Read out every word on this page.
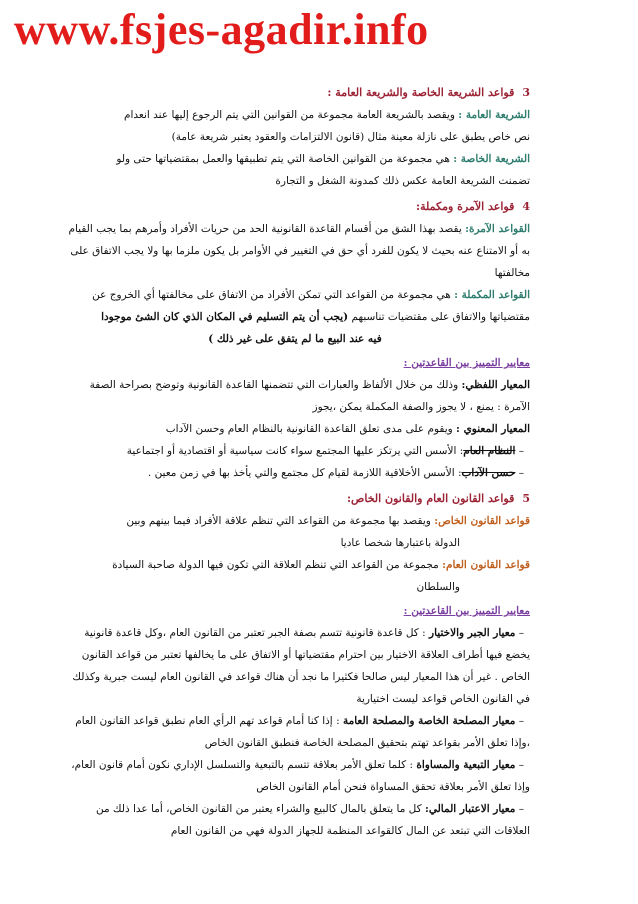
www.fsjes-agadir.info

3قواعد الشريعة الخاصة والشريعة العامة :

الشريعة العامة : ويقصد بالشريعة العامة مجموعة من القوانين التي يتم الرجوع إليها عند انعدام

نص خاص يطبق على نازلة معينة مثال (قانون الالتزامات والعقود يعتبر شريعة عامة)

الشريعة الخاصة : هي مجموعة من القوانين الخاصة التي يتم تطبيقها والعمل بمقتضياتها حتى ولو

تضمنت الشريعة العامة عكس ذلك كمدونة الشغل و التجارة

4قواعد الآمرة ومكملة:

القواعد الآمرة: يقصد بهذا الشق من أقسام القاعدة القانونية الحد من حريات الأفراد وأمرهم بما يجب القيام

به أو الامتناع عنه بحيث لا يكون للفرد أي حق في التغيير في الأوامر بل يكون ملزما بها ولا يجب الاتفاق على

مخالفتها

القواعد المكملة : هي مجموعة من القواعد التي تمكن الأفراد من الاتفاق على مخالفتها أي الخروج عن

مقتضياتها والاتفاق على مقتضيات تناسبهم (يجب أن يتم التسليم في المكان الذي كان الشئ موجودا

فيه عند البيع ما لم يتفق على غير ذلك )

معايير التمييز بين القاعدتين :

المعيار اللفظي: وذلك من خلال الألفاظ والعبارات التي تتضمنها القاعدة القانونية وتوضح بصراحة الصفة

الآمرة : يمنع ، لا يجوز والصفة المكملة يمكن ،يجوز

المعيار المعنوي : ويقوم على مدى تعلق القاعدة القانونية بالنظام العام وحسن الآداب

– النظام العام: الأسس التي يرتكز عليها المجتمع سواء كانت سياسية أو اقتصادية أو اجتماعية

– حسن الآداب: الأسس الأخلاقية اللازمة لقيام كل مجتمع والتي يأخذ بها في زمن معين .

5قواعد القانون العام والقانون الخاص:

قواعد القانون الخاص: ويقصد بها مجموعة من القواعد التي تنظم علاقة الأفراد فيما بينهم وبين

الدولة باعتبارها شخصا عاديا

قواعد القانون العام: مجموعة من القواعد التي تنظم العلاقة التي تكون فيها الدولة صاحبة السيادة

والسلطان

معايير التمييز بين القاعدتين :

– معيار الجبر والاختيار : كل قاعدة قانونية تتسم بصفة الجبر تعتبر من القانون العام ،وكل قاعدة قانونية

يخضع فيها أطراف العلاقة الاختيار بين احترام مقتضياتها أو الاتفاق على ما يخالفها تعتبر من قواعد القانون

الخاص . غير أن هذا المعيار ليس صالحا فكثيرا ما نجد أن هناك قواعد في القانون العام ليست جبرية وكذلك

في القانون الخاص قواعد ليست اختيارية

– معيار المصلحة الخاصة والمصلحة العامة : إذا كنا أمام قواعد تهم الرأي العام نطبق قواعد القانون العام

،وإذا تعلق الأمر بقواعد تهتم بتحقيق المصلحة الخاصة فنطبق القانون الخاص

– معيار التبعية والمساواة : كلما تعلق الأمر بعلاقة تتسم بالتبعية والتسلسل الإداري نكون أمام قانون العام،

وإذا تعلق الأمر بعلاقة تحقق المساواة فنحن أمام القانون الخاص

– معيار الاعتبار المالي: كل ما يتعلق بالمال كالبيع والشراء يعتبر من القانون الخاص، أما عدا ذلك من

العلاقات التي تبتعد عن المال كالقواعد المنظمة للجهاز الدولة فهي من القانون العام
